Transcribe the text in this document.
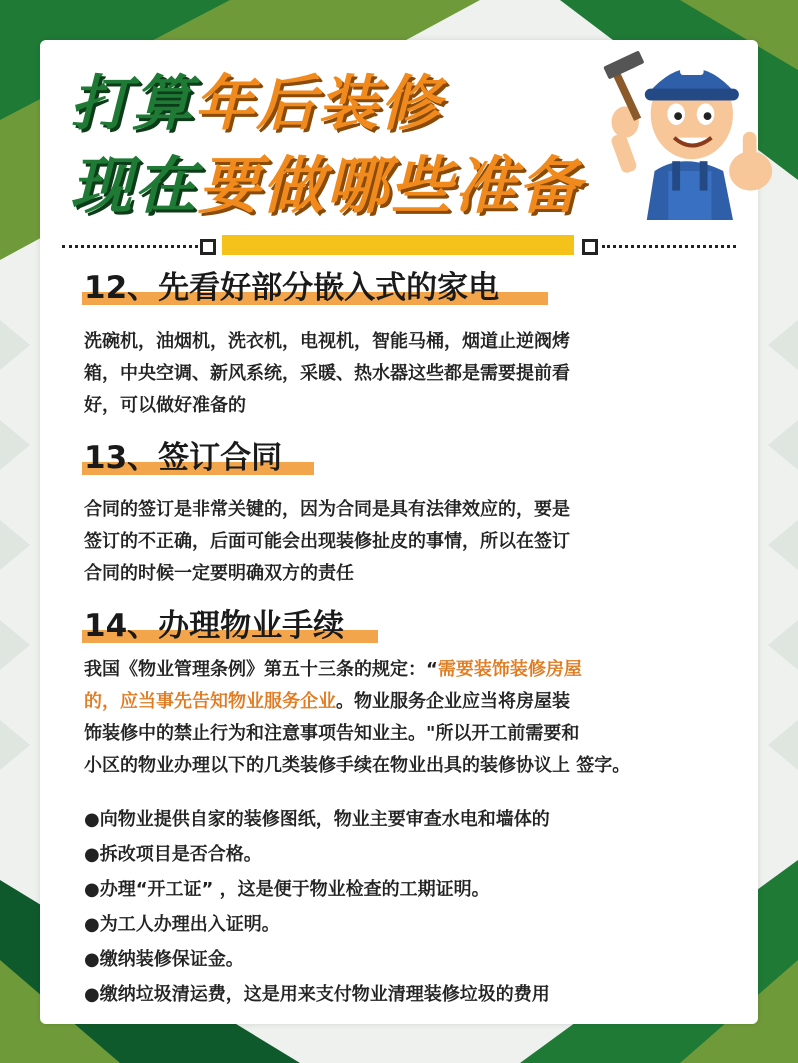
打算年后装修
现在要做哪些准备
12、先看好部分嵌入式的家电

洗碗机，油烟机，洗衣机，电视机，智能马桶，烟道止逆阀烤
箱，中央空调、新风系统，采暖、热水器这些都是需要提前看
好，可以做好准备的

13、签订合同

合同的签订是非常关键的，因为合同是具有法律效应的，要是
签订的不正确，后面可能会出现装修扯皮的事情，所以在签订
合同的时候一定要明确双方的责任

14、办理物业手续

我国《物业管理条例》第五十三条的规定：“需要装饰装修房屋
的，应当事先告知物业服务企业。物业服务企业应当将房屋装
饰装修中的禁止行为和注意事项告知业主。"所以开工前需要和
小区的物业办理以下的几类装修手续在物业出具的装修协议上 签字。

●向物业提供自家的装修图纸，物业主要审查水电和墙体的
●拆改项目是否合格。
●办理“开工证” ，这是便于物业检查的工期证明。
●为工人办理出入证明。
●缴纳装修保证金。
●缴纳垃圾清运费，这是用来支付物业清理装修垃圾的费用
